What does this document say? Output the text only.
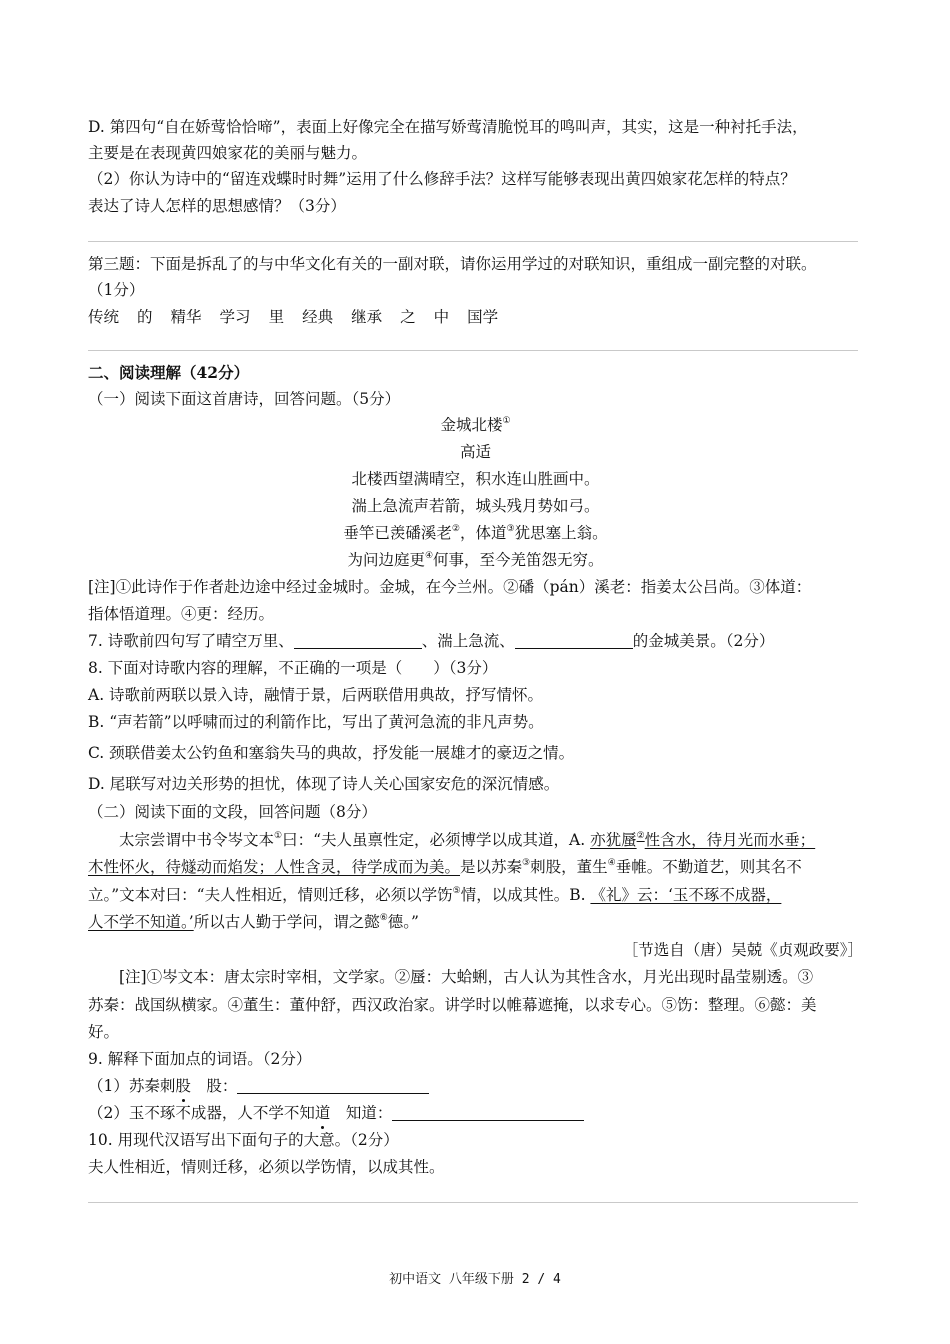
D. 第四句“自在娇莺恰恰啼”，表面上好像完全在描写娇莺清脆悦耳的鸣叫声，其实，这是一种衬托手法，
主要是在表现黄四娘家花的美丽与魅力。
（2）你认为诗中的“留连戏蝶时时舞”运用了什么修辞手法？这样写能够表现出黄四娘家花怎样的特点？
表达了诗人怎样的思想感情？（3分）
第三题：下面是拆乱了的与中华文化有关的一副对联，请你运用学过的对联知识，重组成一副完整的对联。
（1分）
传统 的 精华 学习 里 经典 继承 之 中 国学
二、阅读理解（42分）
（一）阅读下面这首唐诗，回答问题。（5分）
金城北楼①
高适
北楼西望满晴空，积水连山胜画中。
湍上急流声若箭，城头残月势如弓。
垂竿已羡磻溪老②，体道③犹思塞上翁。
为问边庭更④何事，至今羌笛怨无穷。
[注]①此诗作于作者赴边途中经过金城时。金城，在今兰州。②磻（pán）溪老：指姜太公吕尚。③体道：
指体悟道理。④更：经历。
7. 诗歌前四句写了晴空万里、	、湍上急流、	的金城美景。（2分）
8. 下面对诗歌内容的理解，不正确的一项是（　　）（3分）
A. 诗歌前两联以景入诗，融情于景，后两联借用典故，抒写情怀。
B. “声若箭”以呼啸而过的利箭作比，写出了黄河急流的非凡声势。
C. 颈联借姜太公钓鱼和塞翁失马的典故，抒发能一展雄才的豪迈之情。
D. 尾联写对边关形势的担忧，体现了诗人关心国家安危的深沉情感。
（二）阅读下面的文段，回答问题（8分）
太宗尝谓中书令岑文本①曰：“夫人虽禀性定，必须博学以成其道，A. 亦犹蜃②性含水，待月光而水垂；
木性怀火，待燧动而焰发；人性含灵，待学成而为美。是以苏秦③刺股，董生④垂帷。不勤道艺，则其名不
立。”文本对曰：“夫人性相近，情则迁移，必须以学饬⑤情，以成其性。B. 《礼》云：‘玉不琢不成器，
人不学不知道。’所以古人勤于学问，谓之懿⑥德。”
［节选自（唐）吴兢《贞观政要》］
[注]①岑文本：唐太宗时宰相，文学家。②蜃：大蛤蜊，古人认为其性含水，月光出现时晶莹剔透。③
苏秦：战国纵横家。④董生：董仲舒，西汉政治家。讲学时以帷幕遮掩，以求专心。⑤饬：整理。⑥懿：美
好。
9. 解释下面加点的词语。（2分）
（1）苏秦刺股　股：
（2）玉不琢不成器，人不学不知道　知道：
10. 用现代汉语写出下面句子的大意。（2分）
夫人性相近，情则迁移，必须以学饬情，以成其性。
初中语文 八年级下册 2 / 4
